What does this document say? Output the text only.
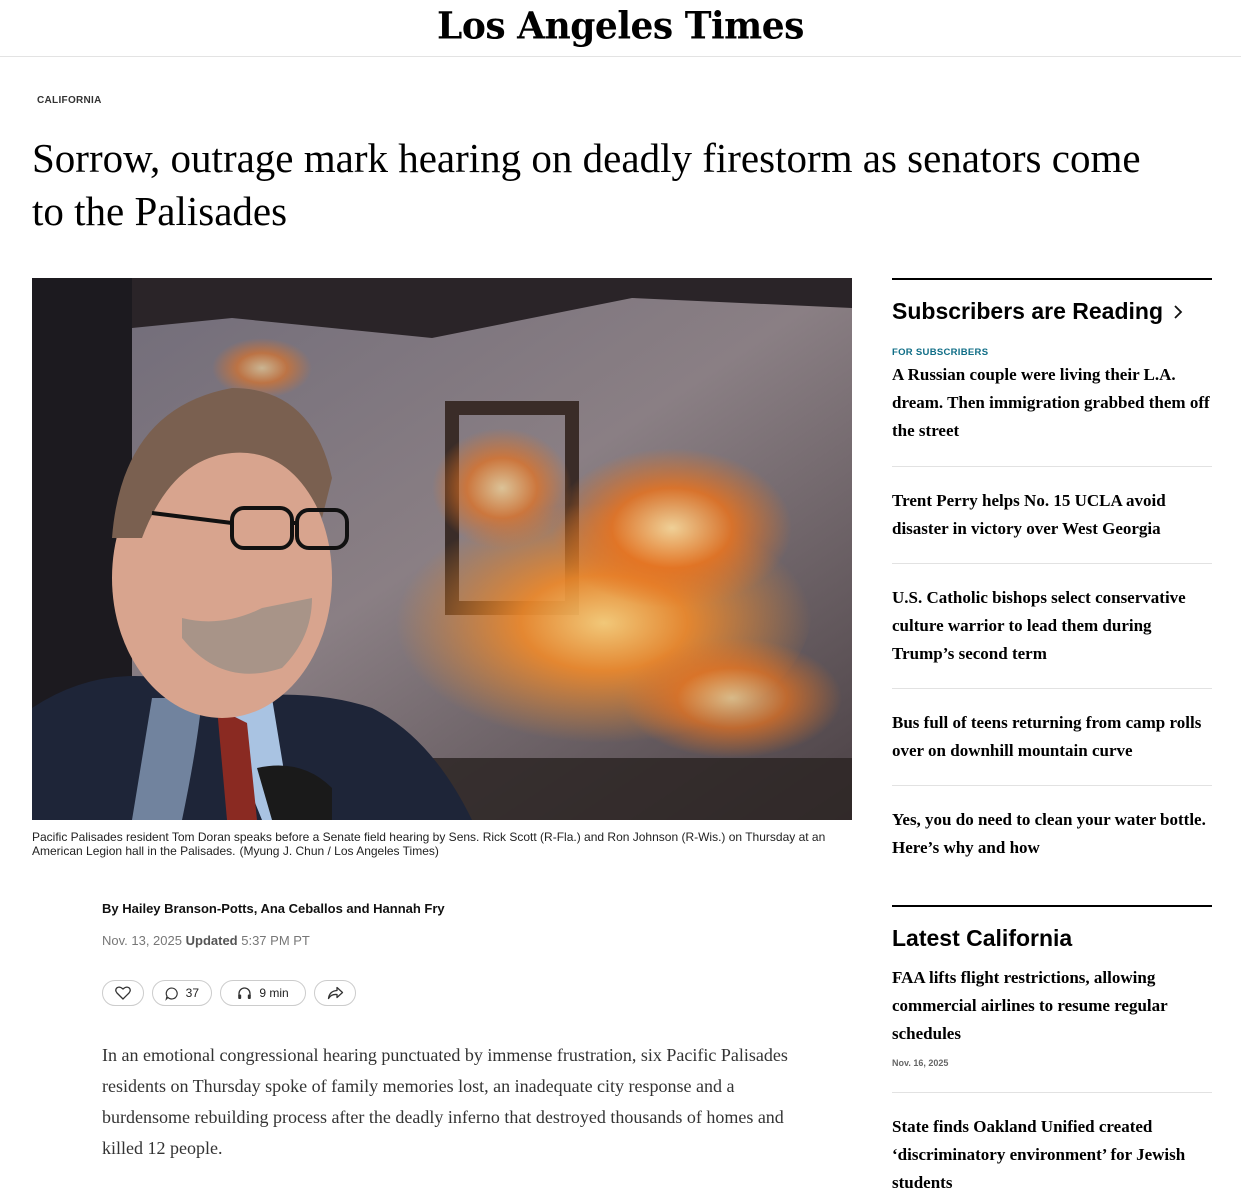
Los Angeles Times
CALIFORNIA
Sorrow, outrage mark hearing on deadly firestorm as senators come to the Palisades
Pacific Palisades resident Tom Doran speaks before a Senate field hearing by Sens. Rick Scott (R-Fla.) and Ron Johnson (R-Wis.) on Thursday at an American Legion hall in the Palisades. (Myung J. Chun / Los Angeles Times)
By Hailey Branson-Potts, Ana Ceballos and Hannah Fry
Nov. 13, 2025 Updated 5:37 PM PT
37	9 min

In an emotional congressional hearing punctuated by immense frustration, six Pacific Palisades residents on Thursday spoke of family memories lost, an inadequate city response and a burdensome rebuilding process after the deadly inferno that destroyed thousands of homes and killed 12 people.

Subscribers are Reading
FOR SUBSCRIBERS
A Russian couple were living their L.A. dream. Then immigration grabbed them off the street
Trent Perry helps No. 15 UCLA avoid disaster in victory over West Georgia
U.S. Catholic bishops select conservative culture warrior to lead them during Trump’s second term
Bus full of teens returning from camp rolls over on downhill mountain curve
Yes, you do need to clean your water bottle. Here’s why and how
Latest California
FAA lifts flight restrictions, allowing commercial airlines to resume regular schedules
Nov. 16, 2025
State finds Oakland Unified created ‘discriminatory environment’ for Jewish students
